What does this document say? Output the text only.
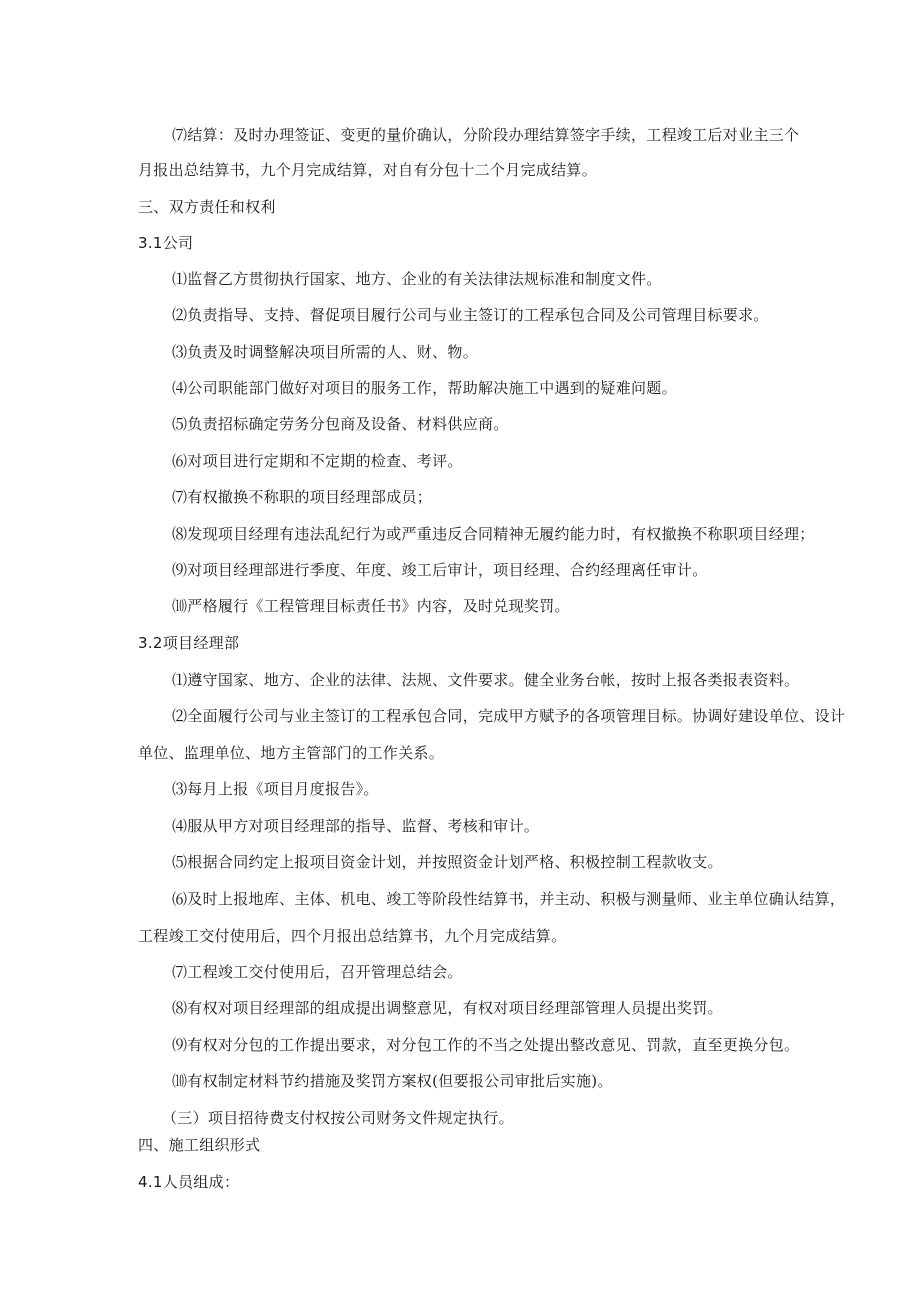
⑺结算：及时办理签证、变更的量价确认，分阶段办理结算签字手续，工程竣工后对业主三个
月报出总结算书，九个月完成结算，对自有分包十二个月完成结算。
三、双方责任和权利
3.1公司
⑴监督乙方贯彻执行国家、地方、企业的有关法律法规标准和制度文件。
⑵负责指导、支持、督促项目履行公司与业主签订的工程承包合同及公司管理目标要求。
⑶负责及时调整解决项目所需的人、财、物。
⑷公司职能部门做好对项目的服务工作，帮助解决施工中遇到的疑难问题。
⑸负责招标确定劳务分包商及设备、材料供应商。
⑹对项目进行定期和不定期的检查、考评。
⑺有权撤换不称职的项目经理部成员；
⑻发现项目经理有违法乱纪行为或严重违反合同精神无履约能力时，有权撤换不称职项目经理；
⑼对项目经理部进行季度、年度、竣工后审计，项目经理、合约经理离任审计。
⑽严格履行《工程管理目标责任书》内容，及时兑现奖罚。
3.2项目经理部
⑴遵守国家、地方、企业的法律、法规、文件要求。健全业务台帐，按时上报各类报表资料。
⑵全面履行公司与业主签订的工程承包合同，完成甲方赋予的各项管理目标。协调好建设单位、设计
单位、监理单位、地方主管部门的工作关系。
⑶每月上报《项目月度报告》。
⑷服从甲方对项目经理部的指导、监督、考核和审计。
⑸根据合同约定上报项目资金计划，并按照资金计划严格、积极控制工程款收支。
⑹及时上报地库、主体、机电、竣工等阶段性结算书，并主动、积极与测量师、业主单位确认结算，
工程竣工交付使用后，四个月报出总结算书，九个月完成结算。
⑺工程竣工交付使用后，召开管理总结会。
⑻有权对项目经理部的组成提出调整意见，有权对项目经理部管理人员提出奖罚。
⑼有权对分包的工作提出要求，对分包工作的不当之处提出整改意见、罚款，直至更换分包。
⑽有权制定材料节约措施及奖罚方案权(但要报公司审批后实施)。
（三）项目招待费支付权按公司财务文件规定执行。
四、施工组织形式
4.1人员组成：
